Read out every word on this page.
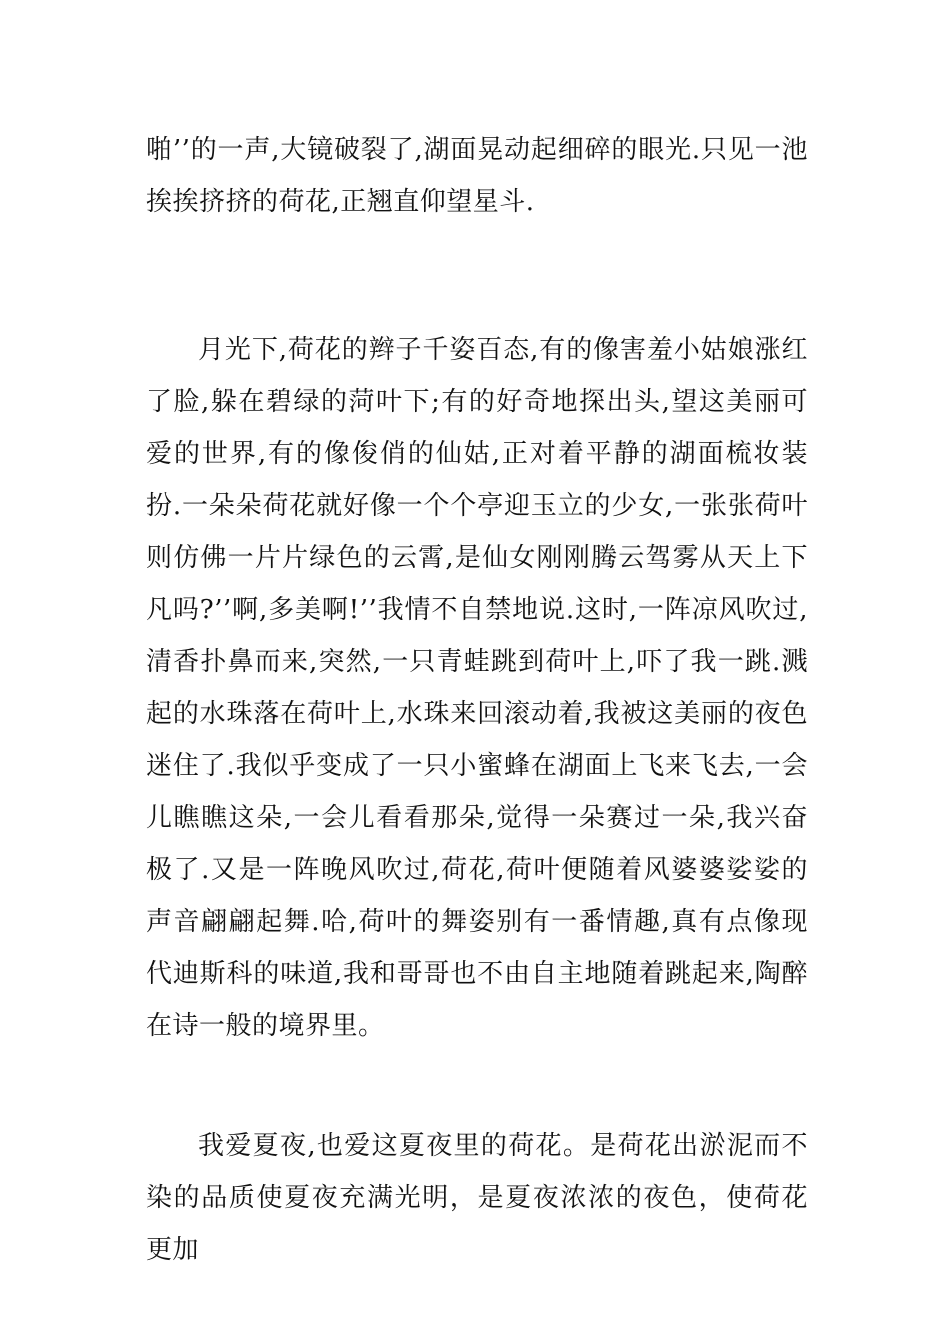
啪’’的一声,大镜破裂了,湖面晃动起细碎的眼光.只见一池挨挨挤挤的荷花,正翘直仰望星斗.

月光下,荷花的辫子千姿百态,有的像害羞小姑娘涨红了脸,躲在碧绿的菏叶下;有的好奇地探出头,望这美丽可爱的世界,有的像俊俏的仙姑,正对着平静的湖面梳妆装扮.一朵朵荷花就好像一个个亭迎玉立的少女,一张张荷叶则仿佛一片片绿色的云霄,是仙女刚刚腾云驾雾从天上下凡吗?’’啊,多美啊!’’我情不自禁地说.这时,一阵凉风吹过,清香扑鼻而来,突然,一只青蛙跳到荷叶上,吓了我一跳.溅起的水珠落在荷叶上,水珠来回滚动着,我被这美丽的夜色迷住了.我似乎变成了一只小蜜蜂在湖面上飞来飞去,一会儿瞧瞧这朵,一会儿看看那朵,觉得一朵赛过一朵,我兴奋极了.又是一阵晚风吹过,荷花,荷叶便随着风婆婆娑娑的声音翩翩起舞.哈,荷叶的舞姿别有一番情趣,真有点像现代迪斯科的味道,我和哥哥也不由自主地随着跳起来,陶醉在诗一般的境界里。

我爱夏夜,也爱这夏夜里的荷花。是荷花出淤泥而不染的品质使夏夜充满光明，是夏夜浓浓的夜色，使荷花更加
